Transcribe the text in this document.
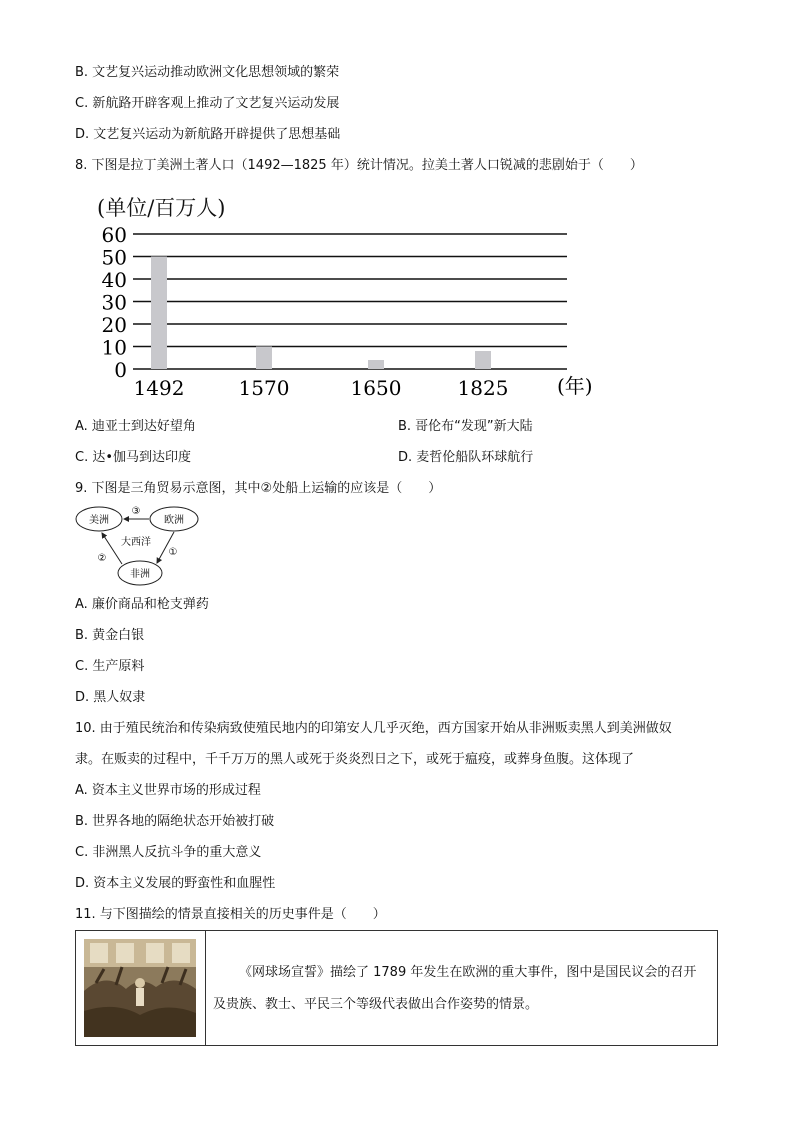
B. 文艺复兴运动推动欧洲文化思想领域的繁荣
C. 新航路开辟客观上推动了文艺复兴运动发展
D. 文艺复兴运动为新航路开辟提供了思想基础
8. 下图是拉丁美洲土著人口（1492—1825 年）统计情况。拉美土著人口锐减的悲剧始于（　　）
(单位/百万人)
0
10
20
30
40
50
60
1492	1570	1650	1825 (年)
A. 迪亚士到达好望角	B. 哥伦布“发现”新大陆
C. 达•伽马到达印度	D. 麦哲伦船队环球航行
9. 下图是三角贸易示意图，其中②处船上运输的应该是（　　）
美洲	欧洲
非洲
大西洋
③
①
②
A. 廉价商品和枪支弹药
B. 黄金白银
C. 生产原料
D. 黑人奴隶
10. 由于殖民统治和传染病致使殖民地内的印第安人几乎灭绝，西方国家开始从非洲贩卖黑人到美洲做奴
隶。在贩卖的过程中，千千万万的黑人或死于炎炎烈日之下，或死于瘟疫，或葬身鱼腹。这体现了
A. 资本主义世界市场的形成过程
B. 世界各地的隔绝状态开始被打破
C. 非洲黑人反抗斗争的重大意义
D. 资本主义发展的野蛮性和血腥性
11. 与下图描绘的情景直接相关的历史事件是（　　）
《网球场宣誓》描绘了 1789 年发生在欧洲的重大事件，图中是国民议会的召开及贵族、教士、平民三个等级代表做出合作姿势的情景。
